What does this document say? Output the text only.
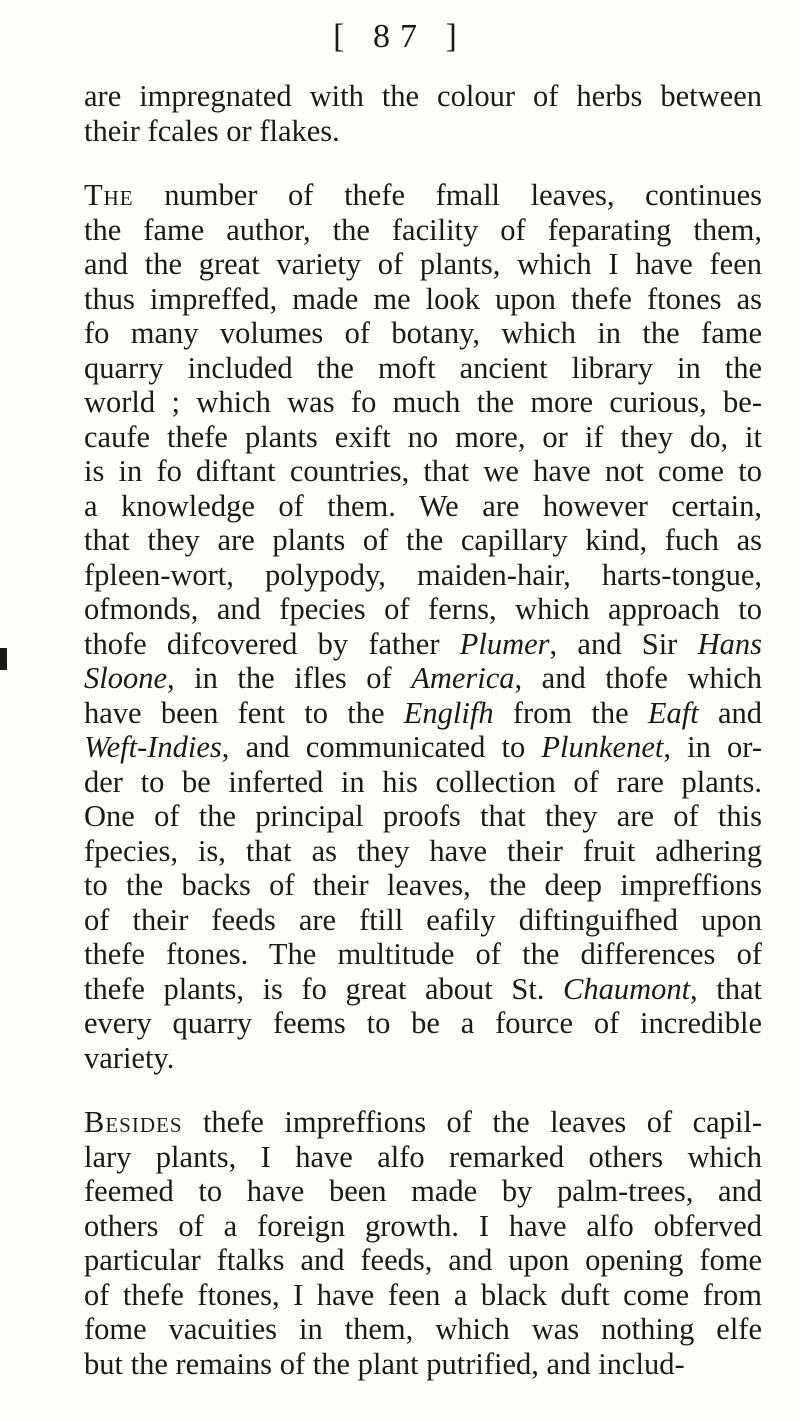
[ 87 ]
are impregnated with the colour of herbs between
their fcales or flakes.
The number of thefe fmall leaves, continues
the fame author, the facility of feparating them,
and the great variety of plants, which I have feen
thus impreffed, made me look upon thefe ftones as
fo many volumes of botany, which in the fame
quarry included the moft ancient library in the
world ; which was fo much the more curious, be-
caufe thefe plants exift no more, or if they do, it
is in fo diftant countries, that we have not come to
a knowledge of them. We are however certain,
that they are plants of the capillary kind, fuch as
fpleen-wort, polypody, maiden-hair, harts-tongue,
ofmonds, and fpecies of ferns, which approach to
thofe difcovered by father Plumer, and Sir Hans
Sloone, in the ifles of America, and thofe which
have been fent to the Englifh from the Eaft and
Weft-Indies, and communicated to Plunkenet, in or-
der to be inferted in his collection of rare plants.
One of the principal proofs that they are of this
fpecies, is, that as they have their fruit adhering
to the backs of their leaves, the deep impreffions
of their feeds are ftill eafily diftinguifhed upon
thefe ftones. The multitude of the differences of
thefe plants, is fo great about St. Chaumont, that
every quarry feems to be a fource of incredible
variety.
Besides thefe impreffions of the leaves of capil-
lary plants, I have alfo remarked others which
feemed to have been made by palm-trees, and
others of a foreign growth. I have alfo obferved
particular ftalks and feeds, and upon opening fome
of thefe ftones, I have feen a black duft come from
fome vacuities in them, which was nothing elfe
but the remains of the plant putrified, and includ-
